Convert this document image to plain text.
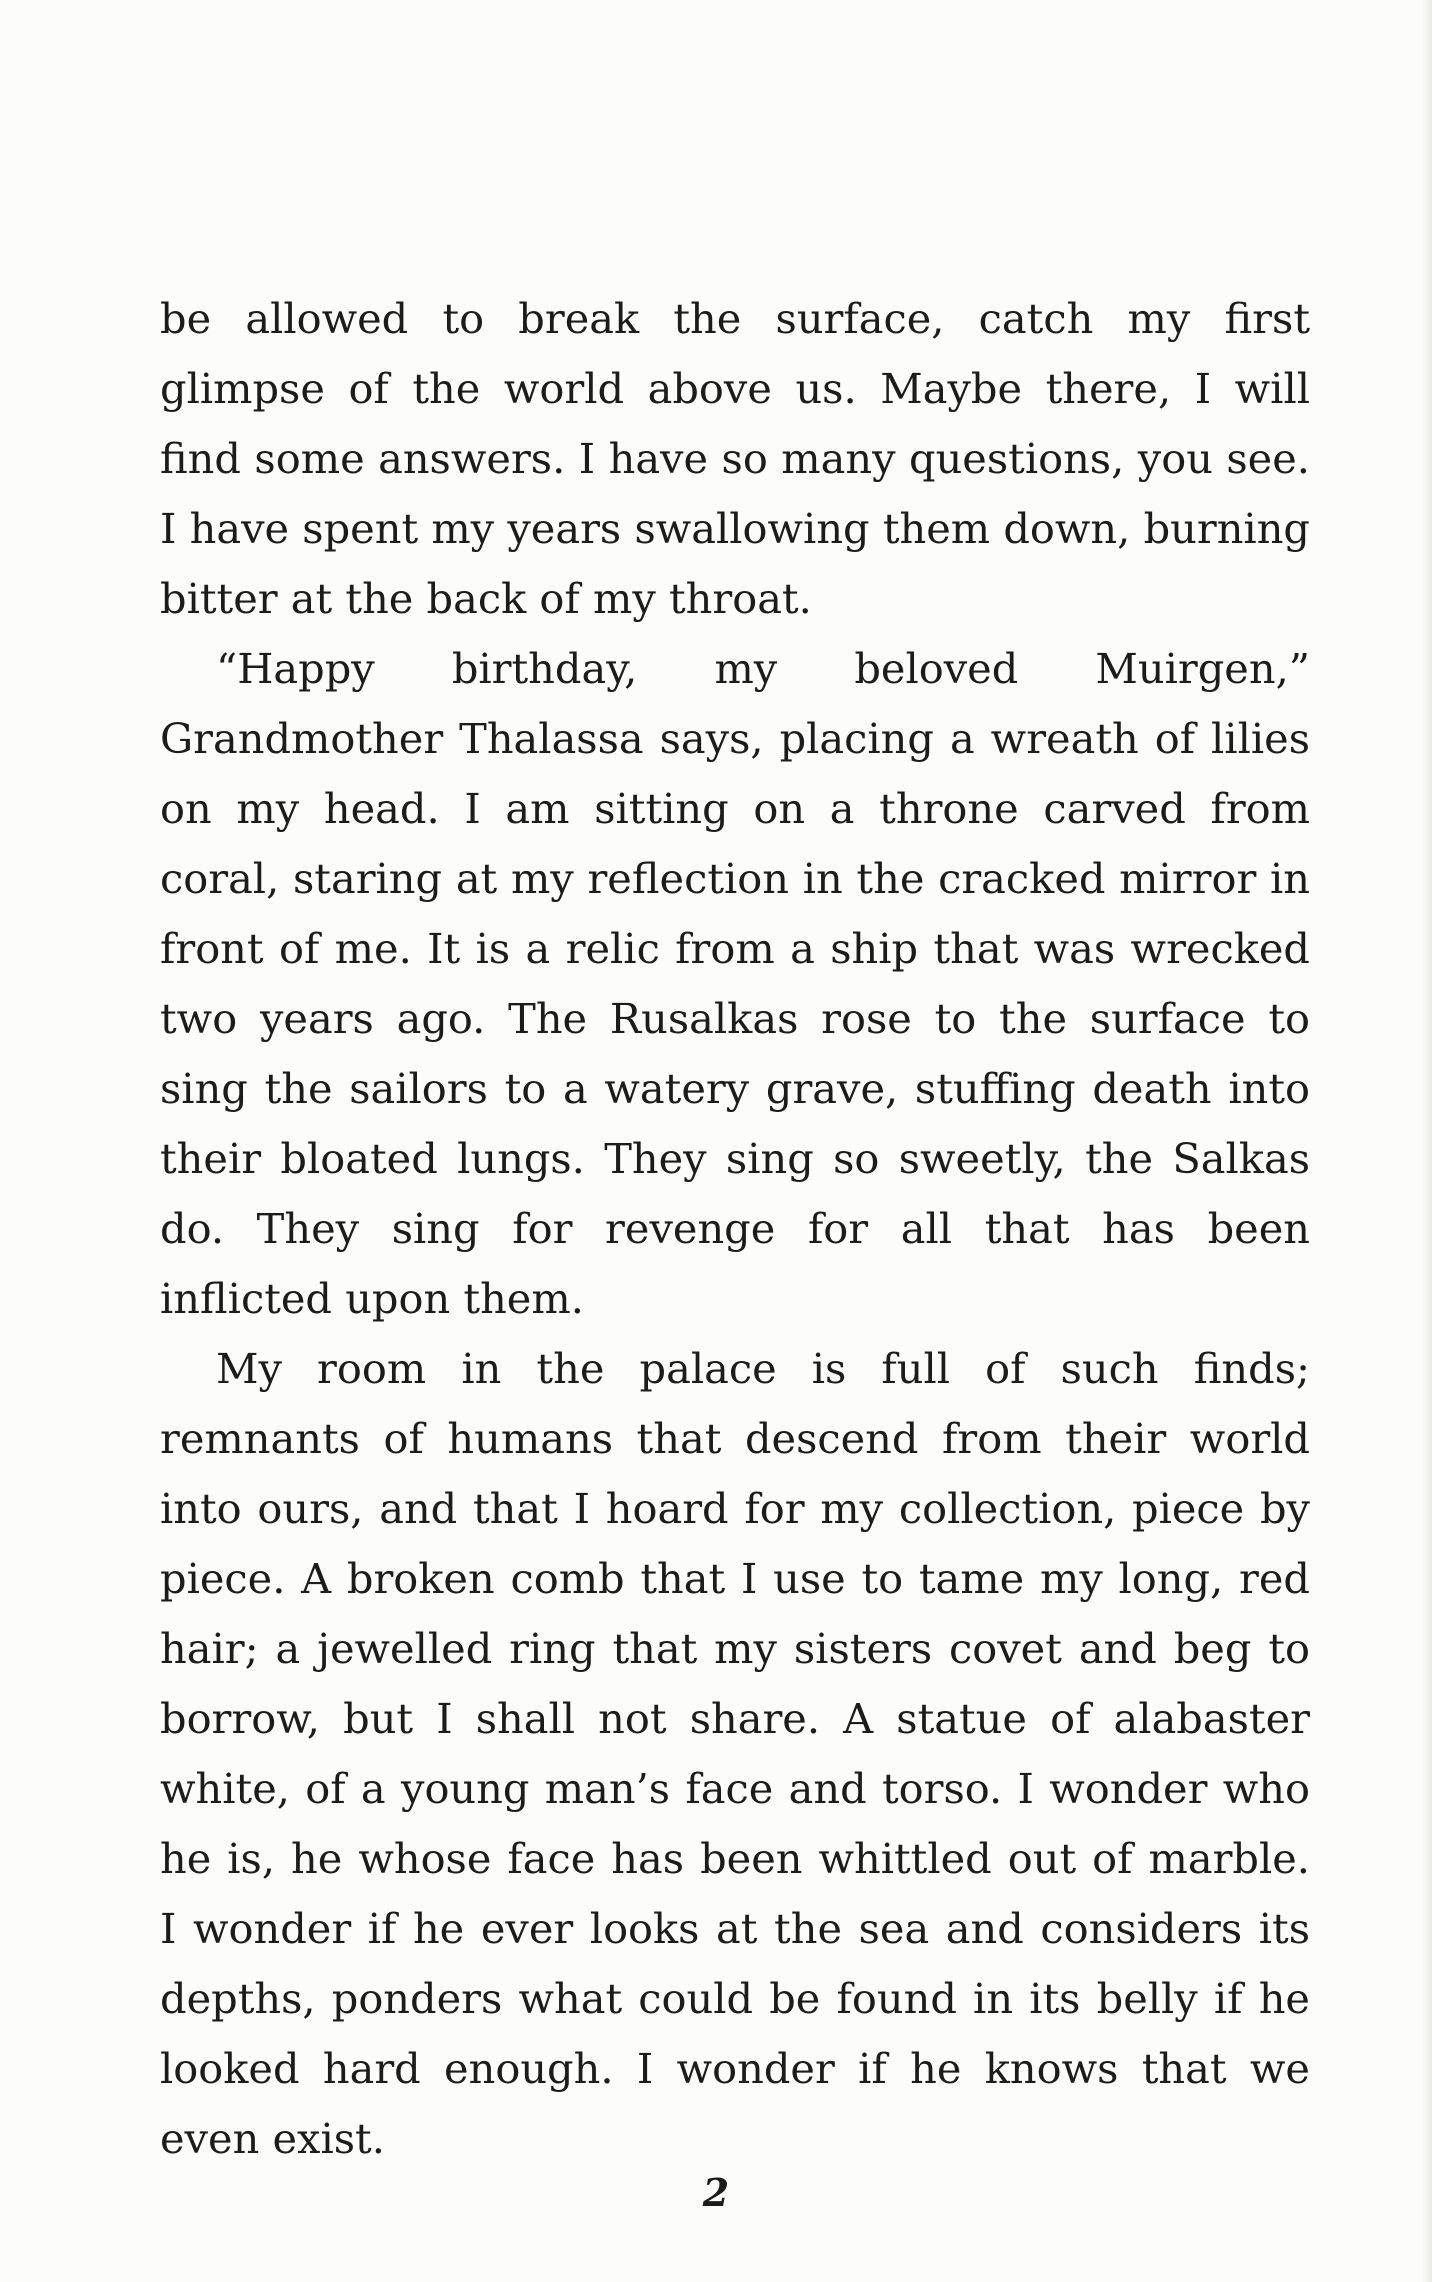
be allowed to break the surface, catch my first glimpse of the world above us. Maybe there, I will find some answers. I have so many questions, you see. I have spent my years swallowing them down, burning bitter at the back of my throat.

“Happy birthday, my beloved Muirgen,” Grandmother Thalassa says, placing a wreath of lilies on my head. I am sitting on a throne carved from coral, staring at my reflection in the cracked mirror in front of me. It is a relic from a ship that was wrecked two years ago. The Rusalkas rose to the surface to sing the sailors to a watery grave, stuffing death into their bloated lungs. They sing so sweetly, the Salkas do. They sing for revenge for all that has been inflicted upon them.

My room in the palace is full of such finds; remnants of humans that descend from their world into ours, and that I hoard for my collection, piece by piece. A broken comb that I use to tame my long, red hair; a jewelled ring that my sisters covet and beg to borrow, but I shall not share. A statue of alabaster white, of a young man’s face and torso. I wonder who he is, he whose face has been whittled out of marble. I wonder if he ever looks at the sea and considers its depths, ponders what could be found in its belly if he looked hard enough. I wonder if he knows that we even exist.

2
